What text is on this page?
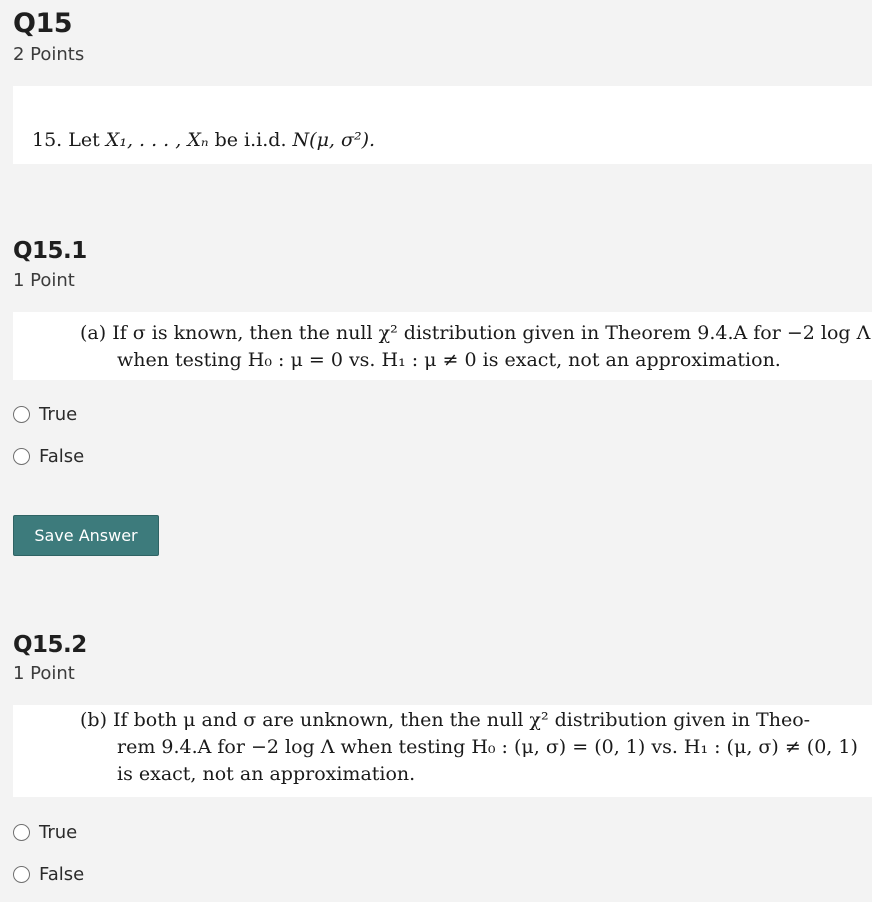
Q15
2 Points
15. Let X₁, . . . , Xₙ be i.i.d. N(μ, σ²).
Q15.1
1 Point
(a) If σ is known, then the null χ² distribution given in Theorem 9.4.A for −2 log Λ
when testing H₀ : μ = 0 vs. H₁ : μ ≠ 0 is exact, not an approximation.
True
False
Save Answer
Q15.2
1 Point
(b) If both μ and σ are unknown, then the null χ² distribution given in Theo-
rem 9.4.A for −2 log Λ when testing H₀ : (μ, σ) = (0, 1) vs. H₁ : (μ, σ) ≠ (0, 1)
is exact, not an approximation.
True
False
